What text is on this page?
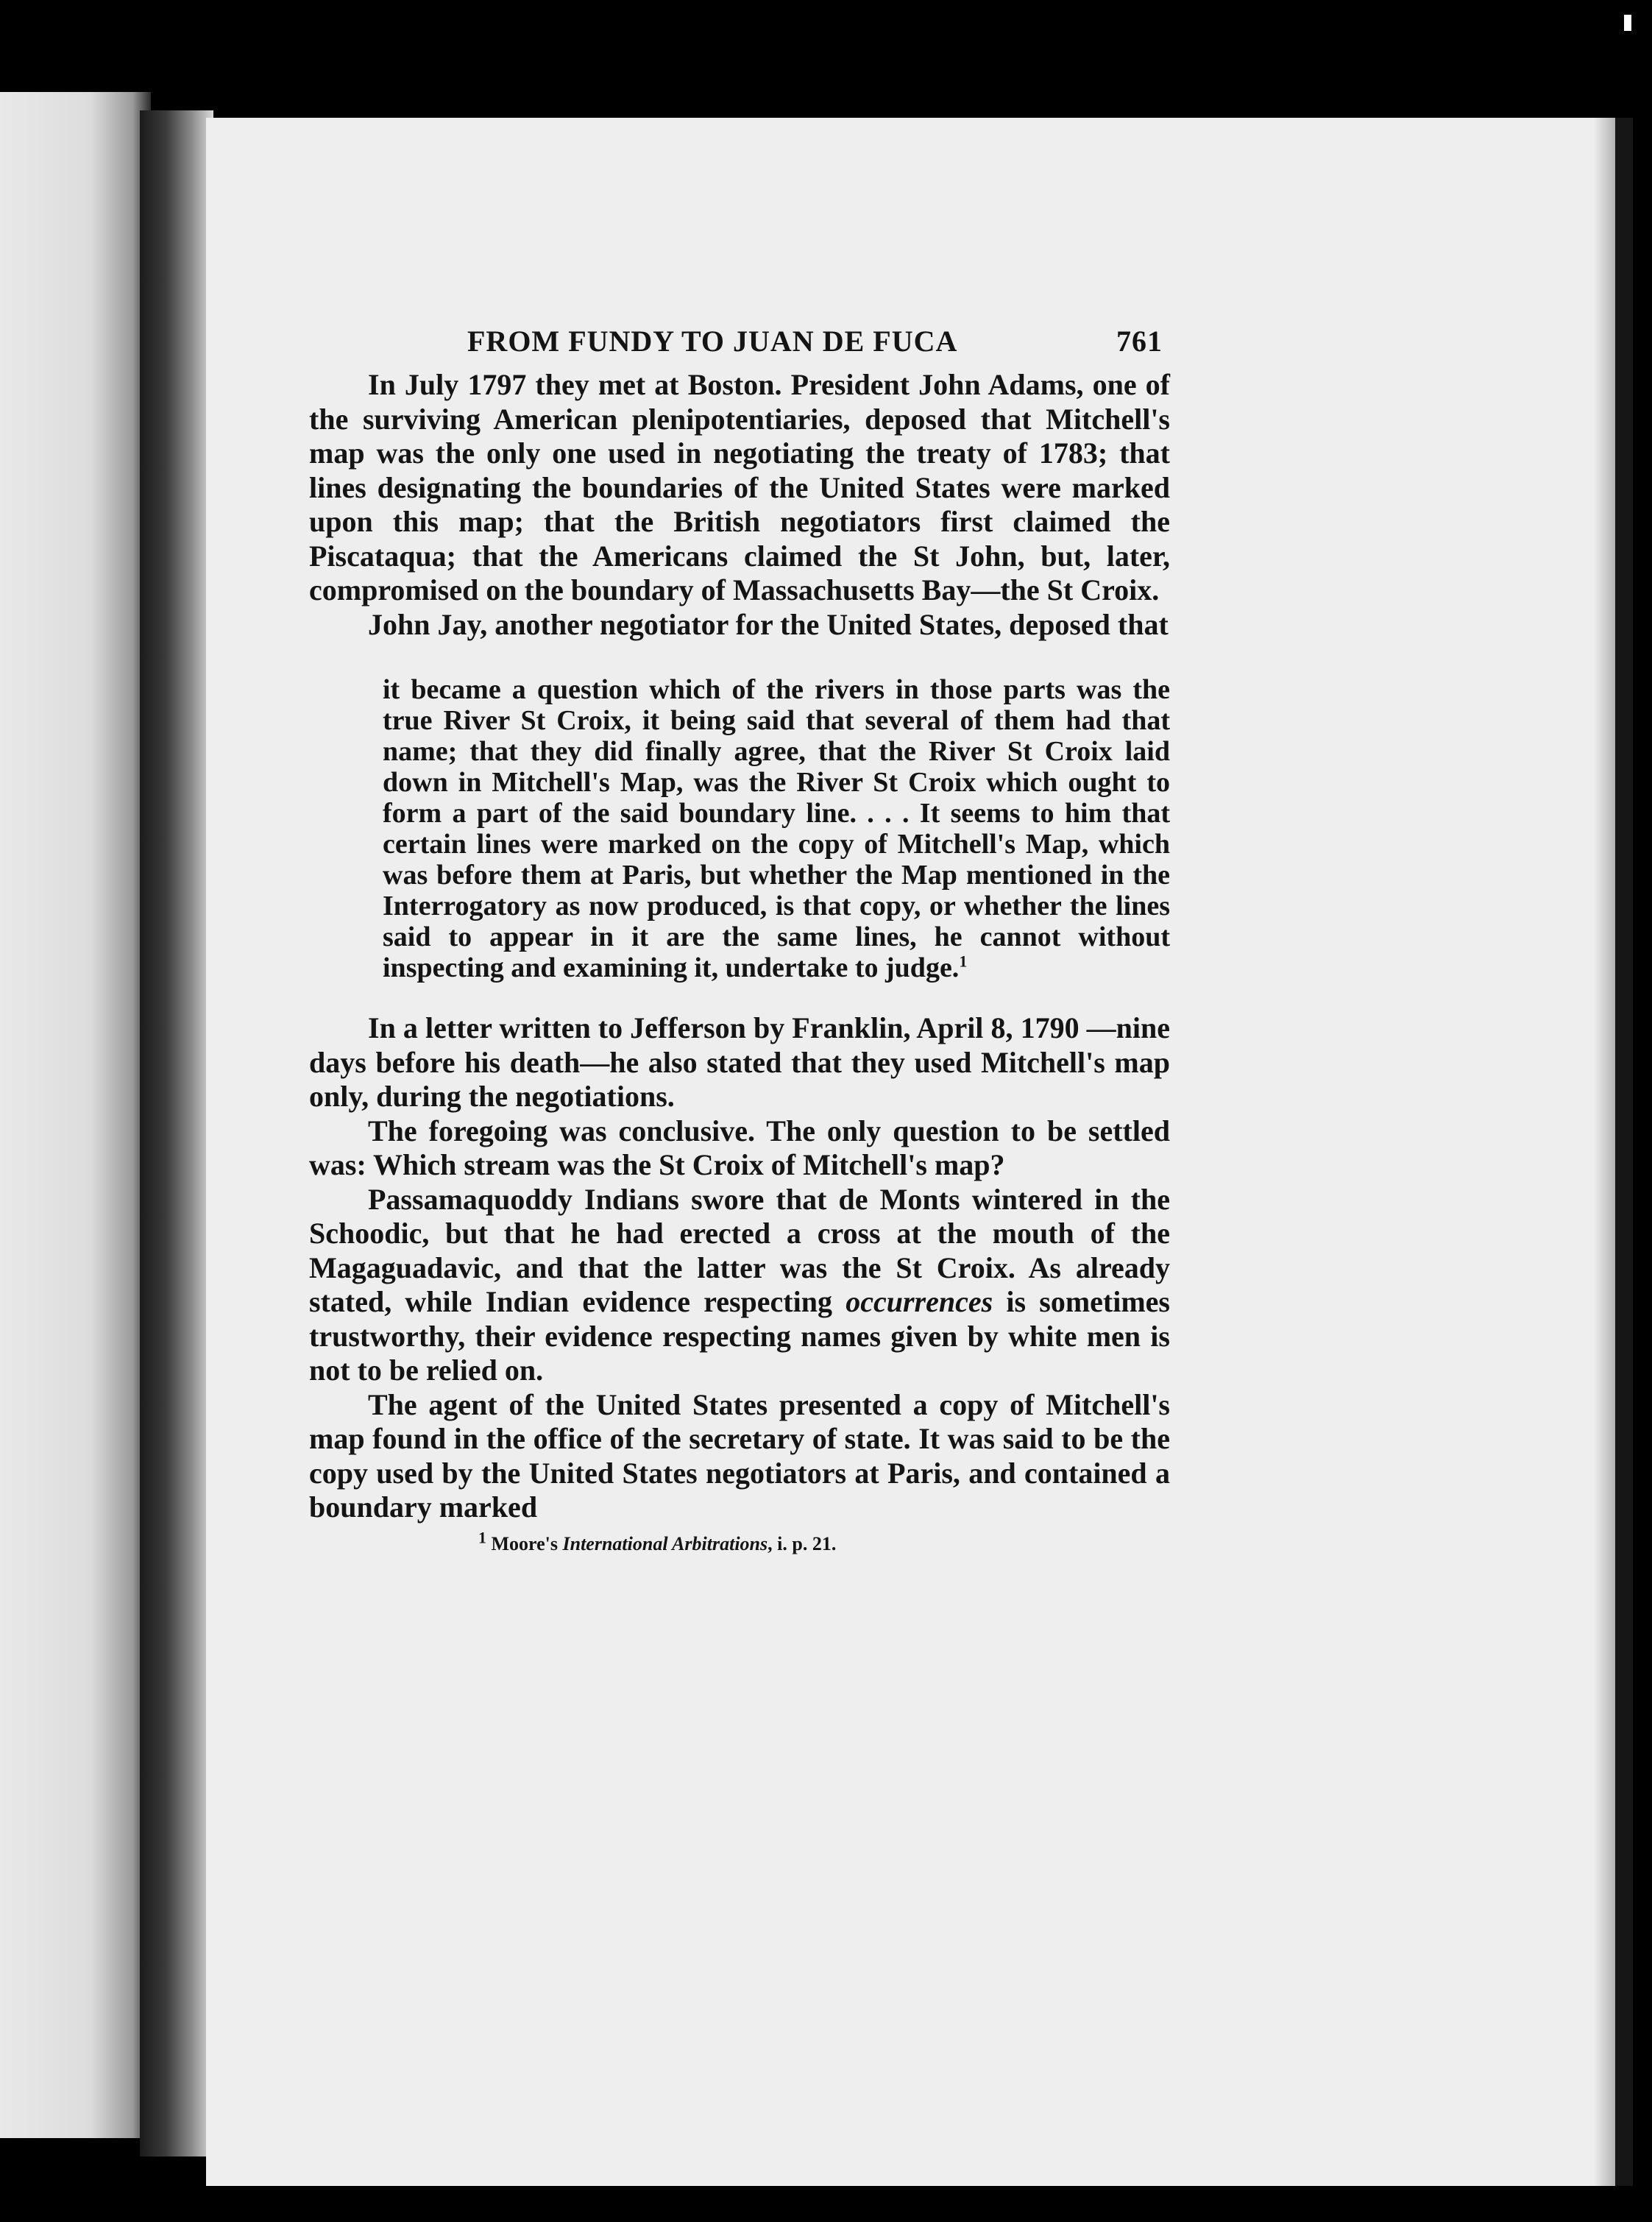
FROM FUNDY TO JUAN DE FUCA	761

In July 1797 they met at Boston. President John Adams, one of the surviving American plenipotentiaries, deposed that Mitchell's map was the only one used in negotiating the treaty of 1783; that lines designating the boundaries of the United States were marked upon this map; that the British negotiators first claimed the Piscataqua; that the Americans claimed the St John, but, later, compromised on the boundary of Massachusetts Bay—the St Croix.

John Jay, another negotiator for the United States, deposed that

it became a question which of the rivers in those parts was the true River St Croix, it being said that several of them had that name; that they did finally agree, that the River St Croix laid down in Mitchell's Map, was the River St Croix which ought to form a part of the said boundary line. . . . It seems to him that certain lines were marked on the copy of Mitchell's Map, which was before them at Paris, but whether the Map mentioned in the Interrogatory as now produced, is that copy, or whether the lines said to appear in it are the same lines, he cannot without inspecting and examining it, undertake to judge.$^1$

In a letter written to Jefferson by Franklin, April 8, 1790 —nine days before his death—he also stated that they used Mitchell's map only, during the negotiations.

The foregoing was conclusive. The only question to be settled was: Which stream was the St Croix of Mitchell's map?

Passamaquoddy Indians swore that de Monts wintered in the Schoodic, but that he had erected a cross at the mouth of the Magaguadavic, and that the latter was the St Croix. As already stated, while Indian evidence respecting occurrences is sometimes trustworthy, their evidence respecting names given by white men is not to be relied on.

The agent of the United States presented a copy of Mitchell's map found in the office of the secretary of state. It was said to be the copy used by the United States negotiators at Paris, and contained a boundary marked

$^1$ Moore's International Arbitrations, i. p. 21.
